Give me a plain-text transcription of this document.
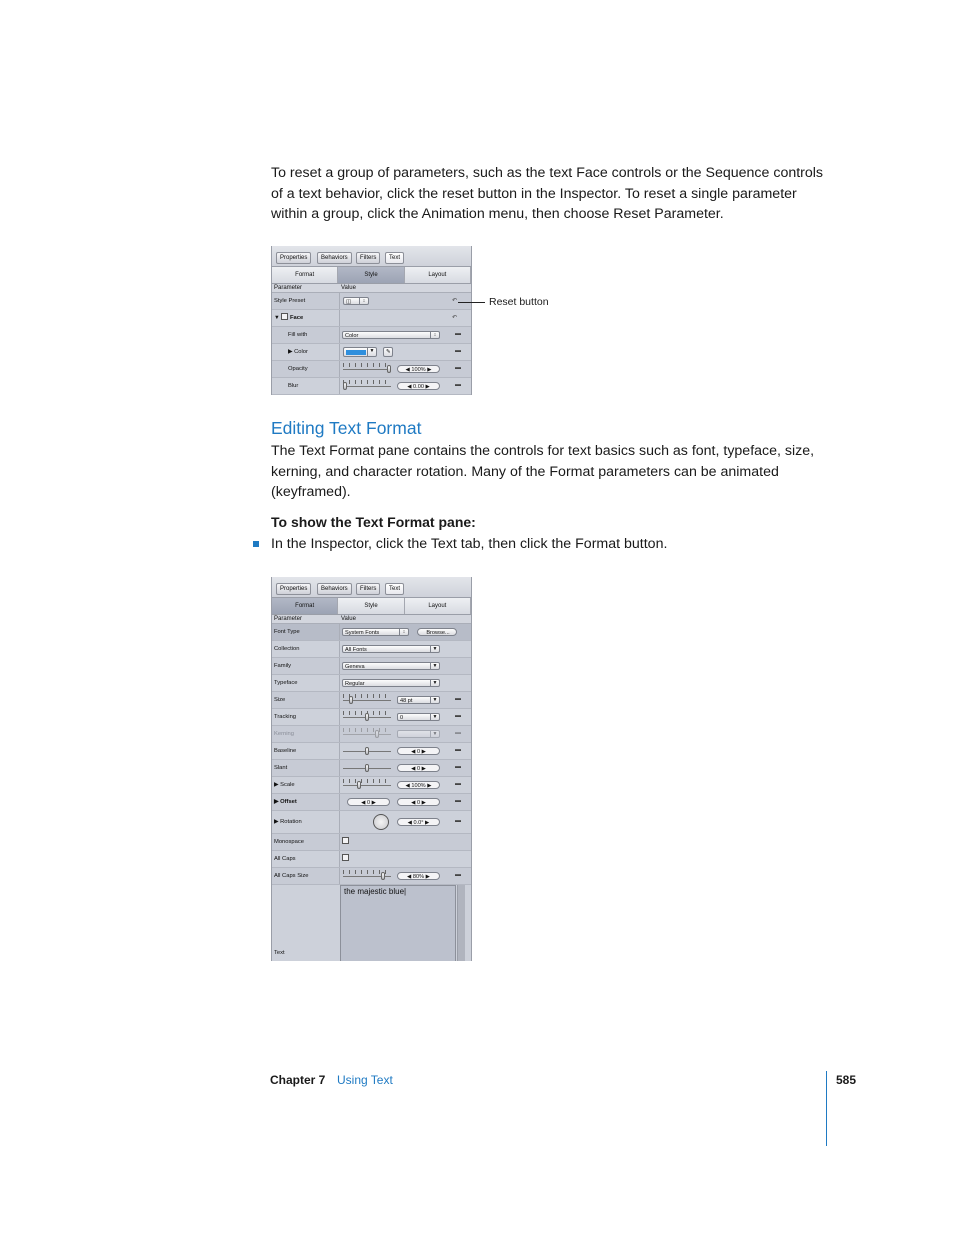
To reset a group of parameters, such as the text Face controls or the Sequence controls of a text behavior, click the reset button in the Inspector. To reset a single parameter within a group, click the Animation menu, then choose Reset Parameter.

Properties	Behaviors	Filters	Text
Format	Style	Layout
Parameter	Value
Style Preset	◫	↕	↶
▼  Face	↶
Fill with	Color	↕	▬
▶ Color	▼	✎	▬
Opacity	◀ 100% ▶	▬
Blur	◀ 0.00 ▶	▬
Reset button
Editing Text Format

The Text Format pane contains the controls for text basics such as font, typeface, size, kerning, and character rotation. Many of the Format parameters can be animated (keyframed).

To show the Text Format pane:

In the Inspector, click the Text tab, then click the Format button.

Properties	Behaviors	Filters	Text
Format	Style	Layout
Parameter	Value
Font Type	System Fonts	↕	Browse...
Collection	All Fonts	▼
Family	Geneva	▼
Typeface	Regular	▼
Size	48 pt	▼	▬
Tracking	0	▼	▬
Kerning	▼	▬
Baseline	◀ 0 ▶	▬
Slant	◀ 0 ▶	▬
▶ Scale	◀ 100% ▶	▬
▶ Offset	◀ 0 ▶	◀ 0 ▶	▬
▶ Rotation	◀ 0.0° ▶	▬
Monospace
All Caps
All Caps Size	◀ 80% ▶	▬
Text
the majestic blue|
Chapter 7 Using Text	585
